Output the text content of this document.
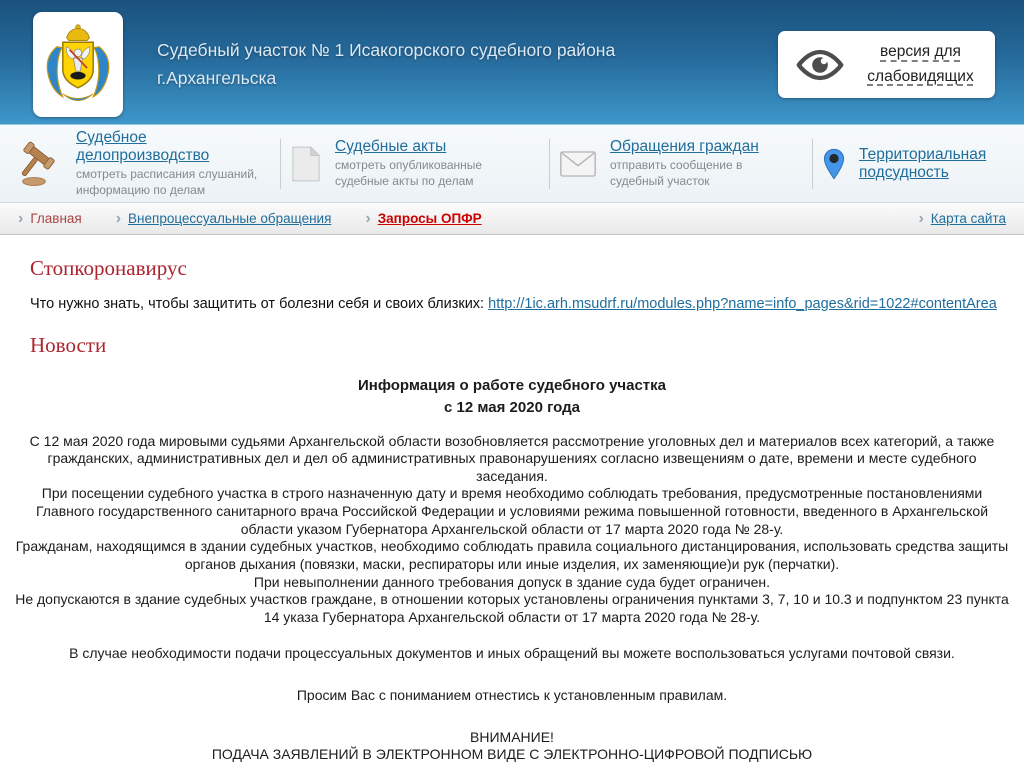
Судебный участок № 1 Исакогорского судебного района
г.Архангельска
версия для слабовидящих
Судебное делопроизводство
смотреть расписания слушаний, информацию по делам
Судебные акты
смотреть опубликованные судебные акты по делам
Обращения граждан
отправить сообщение в судебный участок
Территориальная подсудность
› Главная › Внепроцессуальные обращения › Запросы ОПФР	› Карта сайта
Стопкоронавирус
Что нужно знать, чтобы защитить от болезни себя и своих близких: http://1ic.arh.msudrf.ru/modules.php?name=info_pages&rid=1022#contentArea
Новости
Информация о работе судебного участка
с 12 мая 2020 года

С 12 мая 2020 года мировыми судьями Архангельской области возобновляется рассмотрение уголовных дел и материалов всех категорий, а также гражданских, административных дел и дел об административных правонарушениях согласно извещениям о дате, времени и месте судебного заседания.

При посещении судебного участка в строго назначенную дату и время необходимо соблюдать требования, предусмотренные постановлениями Главного государственного санитарного врача Российской Федерации и условиями режима повышенной готовности, введенного в Архангельской области указом Губернатора Архангельской области от 17 марта 2020 года № 28-у.

Гражданам, находящимся в здании судебных участков, необходимо соблюдать правила социального дистанцирования, использовать средства защиты органов дыхания (повязки, маски, респираторы или иные изделия, их заменяющие)и рук (перчатки).

При невыполнении данного требования допуск в здание суда будет ограничен.

Не допускаются в здание судебных участков граждане, в отношении которых установлены ограничения пунктами 3, 7, 10 и 10.3 и подпунктом 23 пункта 14 указа Губернатора Архангельской области от 17 марта 2020 года № 28-у.

В случае необходимости подачи процессуальных документов и иных обращений вы можете воспользоваться услугами почтовой связи.

Просим Вас с пониманием отнестись к установленным правилам.

ВНИМАНИЕ!

ПОДАЧА ЗАЯВЛЕНИЙ В ЭЛЕКТРОННОМ ВИДЕ С ЭЛЕКТРОННО-ЦИФРОВОЙ ПОДПИСЬЮ
